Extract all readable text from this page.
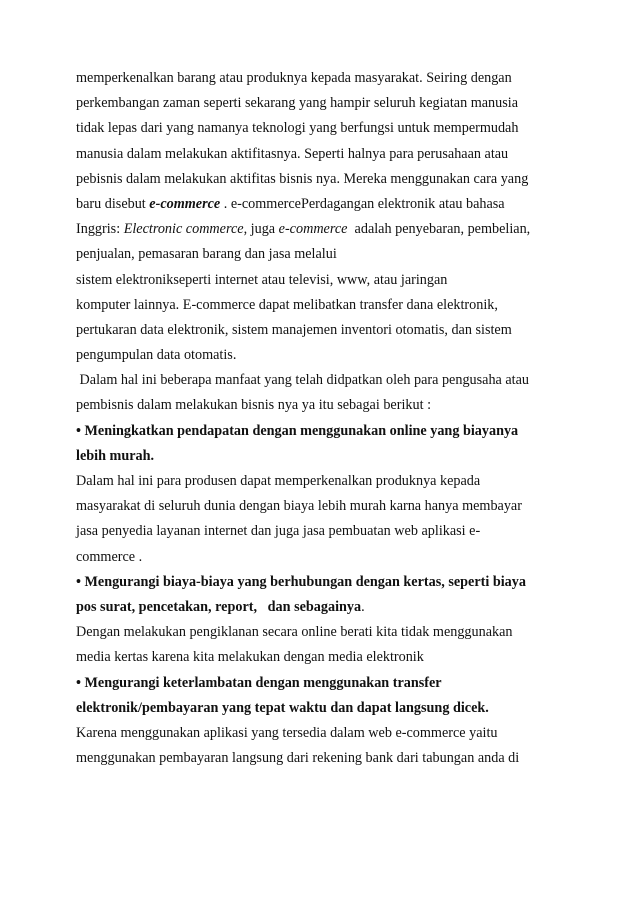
memperkenalkan barang atau produknya kepada masyarakat. Seiring dengan
perkembangan zaman seperti sekarang yang hampir seluruh kegiatan manusia
tidak lepas dari yang namanya teknologi yang berfungsi untuk mempermudah
manusia dalam melakukan aktifitasnya. Seperti halnya para perusahaan atau
pebisnis dalam melakukan aktifitas bisnis nya. Mereka menggunakan cara yang
baru disebut e-commerce . e-commercePerdagangan elektronik atau bahasa
Inggris: Electronic commerce, juga e-commerce  adalah penyebaran, pembelian,
penjualan, pemasaran barang dan jasa melalui
sistem elektronikseperti internet atau televisi, www, atau jaringan
komputer lainnya. E-commerce dapat melibatkan transfer dana elektronik,
pertukaran data elektronik, sistem manajemen inventori otomatis, dan sistem
pengumpulan data otomatis.
Dalam hal ini beberapa manfaat yang telah didpatkan oleh para pengusaha atau
pembisnis dalam melakukan bisnis nya ya itu sebagai berikut :
• Meningkatkan pendapatan dengan menggunakan online yang biayanya
lebih murah.
Dalam hal ini para produsen dapat memperkenalkan produknya kepada
masyarakat di seluruh dunia dengan biaya lebih murah karna hanya membayar
jasa penyedia layanan internet dan juga jasa pembuatan web aplikasi e-
commerce .
• Mengurangi biaya-biaya yang berhubungan dengan kertas, seperti biaya
pos surat, pencetakan, report,   dan sebagainya.
Dengan melakukan pengiklanan secara online berati kita tidak menggunakan
media kertas karena kita melakukan dengan media elektronik
• Mengurangi keterlambatan dengan menggunakan transfer
elektronik/pembayaran yang tepat waktu dan dapat langsung dicek.
Karena menggunakan aplikasi yang tersedia dalam web e-commerce yaitu
menggunakan pembayaran langsung dari rekening bank dari tabungan anda di
